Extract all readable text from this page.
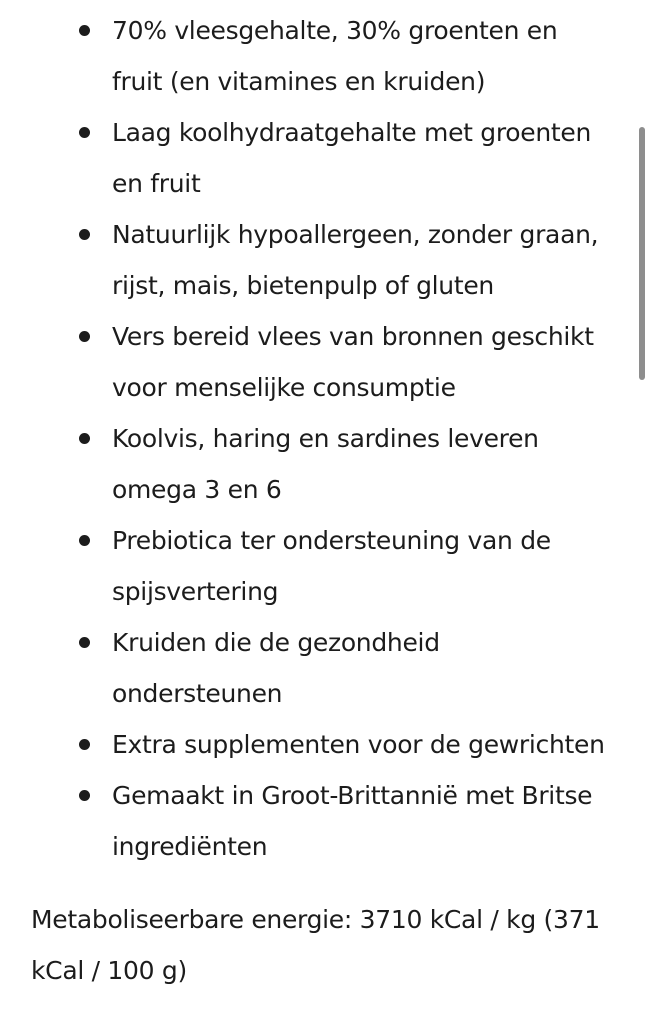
70% vleesgehalte, 30% groenten en fruit (en vitamines en kruiden)
Laag koolhydraatgehalte met groenten en fruit
Natuurlijk hypoallergeen, zonder graan, rijst, mais, bietenpulp of gluten
Vers bereid vlees van bronnen geschikt voor menselijke consumptie
Koolvis, haring en sardines leveren omega 3 en 6
Prebiotica ter ondersteuning van de spijsvertering
Kruiden die de gezondheid ondersteunen
Extra supplementen voor de gewrichten
Gemaakt in Groot-Brittannië met Britse ingrediënten

Metaboliseerbare energie: 3710 kCal / kg (371 kCal / 100 g)
